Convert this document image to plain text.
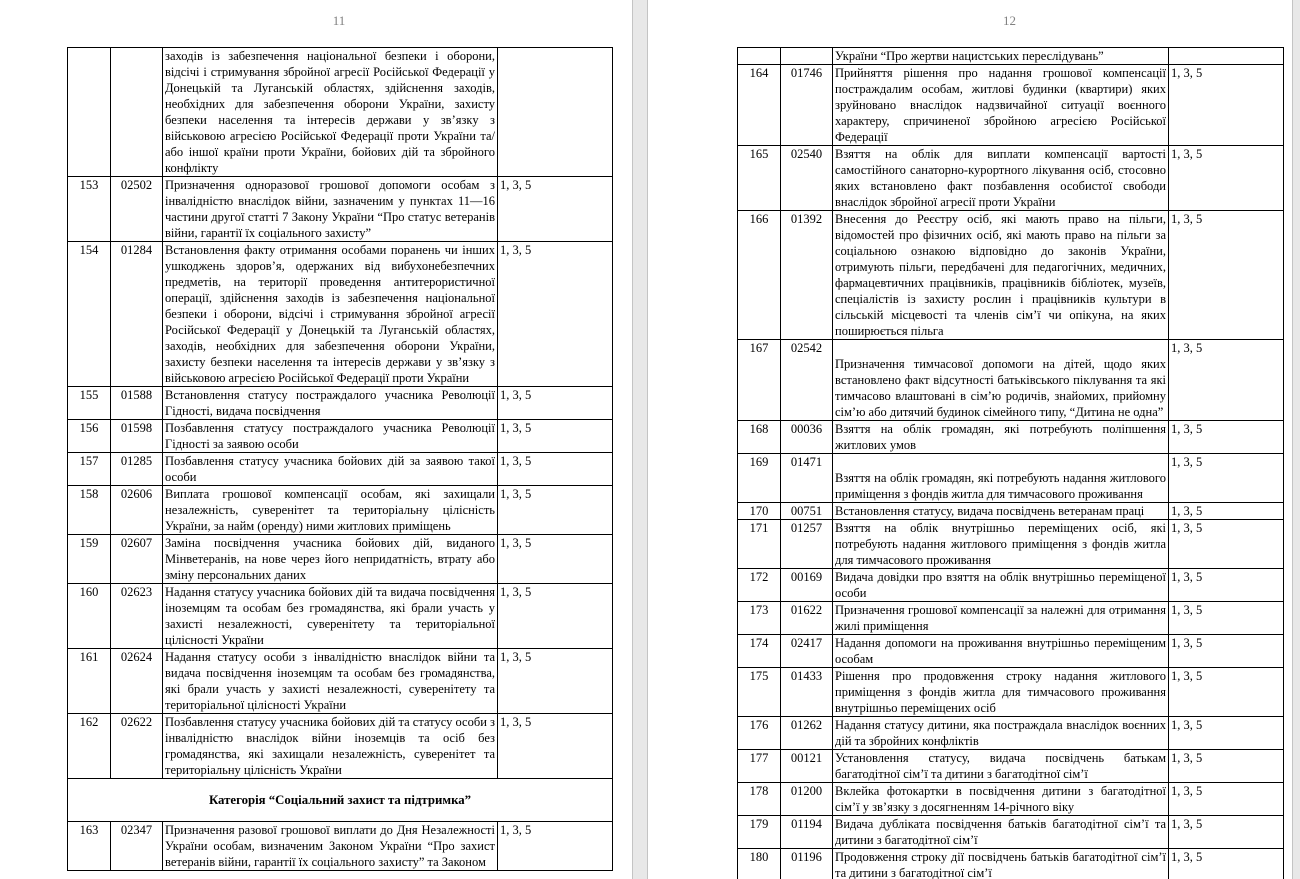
11
		заходів із забезпечення національної безпеки і оборони, відсічі і стримування збройної агресії Російської Федерації у Донецькій та Луганській областях, здійснення заходів, необхідних для забезпечення оборони України, захисту безпеки населення та інтересів держави у зв’язку з військовою агресією Російської Федерації проти України та/або іншої країни проти України, бойових дій та збройного конфлікту	
153	02502	Призначення одноразової грошової допомоги особам з інвалідністю внаслідок війни, зазначеним у пунктах 11—16 частини другої статті 7 Закону України “Про статус ветеранів війни, гарантії їх соціального захисту”	1, 3, 5
154	01284	Встановлення факту отримання особами поранень чи інших ушкоджень здоров’я, одержаних від вибухонебезпечних предметів, на території проведення антитерористичної операції, здійснення заходів із забезпечення національної безпеки і оборони, відсічі і стримування збройної агресії Російської Федерації у Донецькій та Луганській областях, заходів, необхідних для забезпечення оборони України, захисту безпеки населення та інтересів держави у зв’язку з військовою агресією Російської Федерації проти України	1, 3, 5
155	01588	Встановлення статусу постраждалого учасника Революції Гідності, видача посвідчення	1, 3, 5
156	01598	Позбавлення статусу постраждалого учасника Революції Гідності за заявою особи	1, 3, 5
157	01285	Позбавлення статусу учасника бойових дій за заявою такої особи	1, 3, 5
158	02606	Виплата грошової компенсації особам, які захищали незалежність, суверенітет та територіальну цілісність України, за найм (оренду) ними житлових приміщень	1, 3, 5
159	02607	Заміна посвідчення учасника бойових дій, виданого Мінветеранів, на нове через його непридатність, втрату або зміну персональних даних	1, 3, 5
160	02623	Надання статусу учасника бойових дій та видача посвідчення іноземцям та особам без громадянства, які брали участь у захисті незалежності, суверенітету та територіальної цілісності України	1, 3, 5
161	02624	Надання статусу особи з інвалідністю внаслідок війни та видача посвідчення іноземцям та особам без громадянства, які брали участь у захисті незалежності, суверенітету та територіальної цілісності України	1, 3, 5
162	02622	Позбавлення статусу учасника бойових дій та статусу особи з інвалідністю внаслідок війни іноземців та осіб без громадянства, які захищали незалежність, суверенітет та територіальну цілісність України	1, 3, 5
Категорія “Соціальний захист та підтримка”			
163	02347	Призначення разової грошової виплати до Дня Незалежності України особам, визначеним Законом України “Про захист ветеранів війни, гарантії їх соціального захисту” та Законом	1, 3, 5
12
		України “Про жертви нацистських переслідувань”	
164	01746	Прийняття рішення про надання грошової компенсації постраждалим особам, житлові будинки (квартири) яких зруйновано внаслідок надзвичайної ситуації воєнного характеру, спричиненої збройною агресією Російської Федерації	1, 3, 5
165	02540	Взяття на облік для виплати компенсації вартості самостійного санаторно-курортного лікування осіб, стосовно яких встановлено факт позбавлення особистої свободи внаслідок збройної агресії проти України	1, 3, 5
166	01392	Внесення до Реєстру осіб, які мають право на пільги, відомостей про фізичних осіб, які мають право на пільги за соціальною ознакою відповідно до законів України, отримують пільги, передбачені для педагогічних, медичних, фармацевтичних працівників, працівників бібліотек, музеїв, спеціалістів із захисту рослин і працівників культури в сільській місцевості та членів сім’ї чи опікуна, на яких поширюється пільга	1, 3, 5
167	02542	Призначення тимчасової допомоги на дітей, щодо яких встановлено факт відсутності батьківського піклування та які тимчасово влаштовані в сім’ю родичів, знайомих, прийомну сім’ю або дитячий будинок сімейного типу, “Дитина не одна”	1, 3, 5
168	00036	Взяття на облік громадян, які потребують поліпшення житлових умов	1, 3, 5
169	01471	Взяття на облік громадян, які потребують надання житлового приміщення з фондів житла для тимчасового проживання	1, 3, 5
170	00751	Встановлення статусу, видача посвідчень ветеранам праці	1, 3, 5
171	01257	Взяття на облік внутрішньо переміщених осіб, які потребують надання житлового приміщення з фондів житла для тимчасового проживання	1, 3, 5
172	00169	Видача довідки про взяття на облік внутрішньо переміщеної особи	1, 3, 5
173	01622	Призначення грошової компенсації за належні для отримання жилі приміщення	1, 3, 5
174	02417	Надання допомоги на проживання внутрішньо переміщеним особам	1, 3, 5
175	01433	Рішення про продовження строку надання житлового приміщення з фондів житла для тимчасового проживання внутрішньо переміщених осіб	1, 3, 5
176	01262	Надання статусу дитини, яка постраждала внаслідок воєнних дій та збройних конфліктів	1, 3, 5
177	00121	Установлення статусу, видача посвідчень батькам багатодітної сім’ї та дитини з багатодітної сім’ї	1, 3, 5
178	01200	Вклейка фотокартки в посвідчення дитини з багатодітної сім’ї у зв’язку з досягненням 14-річного віку	1, 3, 5
179	01194	Видача дубліката посвідчення батьків багатодітної сім’ї та дитини з багатодітної сім’ї	1, 3, 5
180	01196	Продовження строку дії посвідчень батьків багатодітної сім’ї та дитини з багатодітної сім’ї	1, 3, 5
